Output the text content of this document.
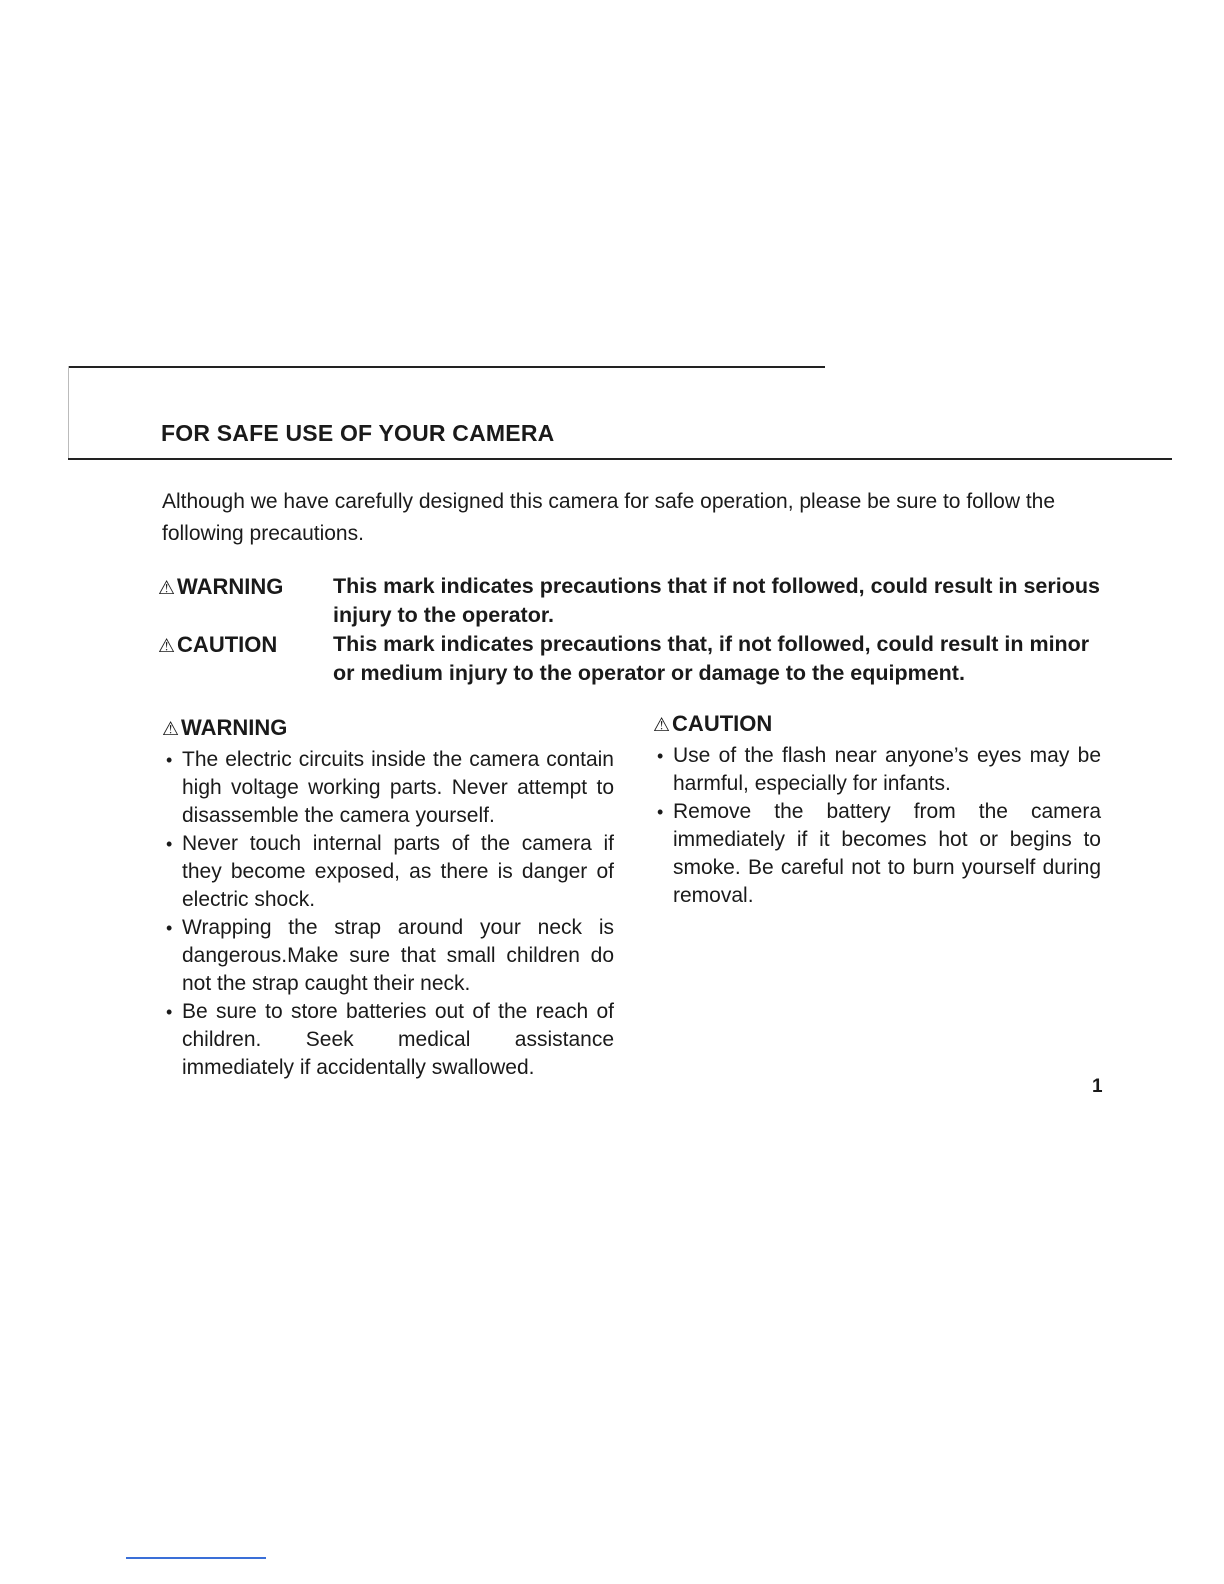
FOR SAFE USE OF YOUR CAMERA

Although we have carefully designed this camera for safe operation, please be sure to follow the following precautions.

⚠WARNING This mark indicates precautions that if not followed, could result in serious injury to the operator.
⚠CAUTION	This mark indicates precautions that, if not followed, could result in minor or medium injury to the operator or damage to the equipment.
⚠WARNING
• The electric circuits inside the camera contain high voltage working parts. Never attempt to disassemble the camera yourself.
• Never touch internal parts of the camera if they become exposed, as there is danger of electric shock.
• Wrapping the strap around your neck is dangerous.Make sure that small children do not the strap caught their neck.
• Be sure to store batteries out of the reach of children. Seek medical assistance immediately if accidentally swallowed.
⚠CAUTION
• Use of the flash near anyone’s eyes may be harmful, especially for infants.
• Remove the battery from the camera immediately if it becomes hot or begins to smoke. Be careful not to burn yourself during removal.
1
